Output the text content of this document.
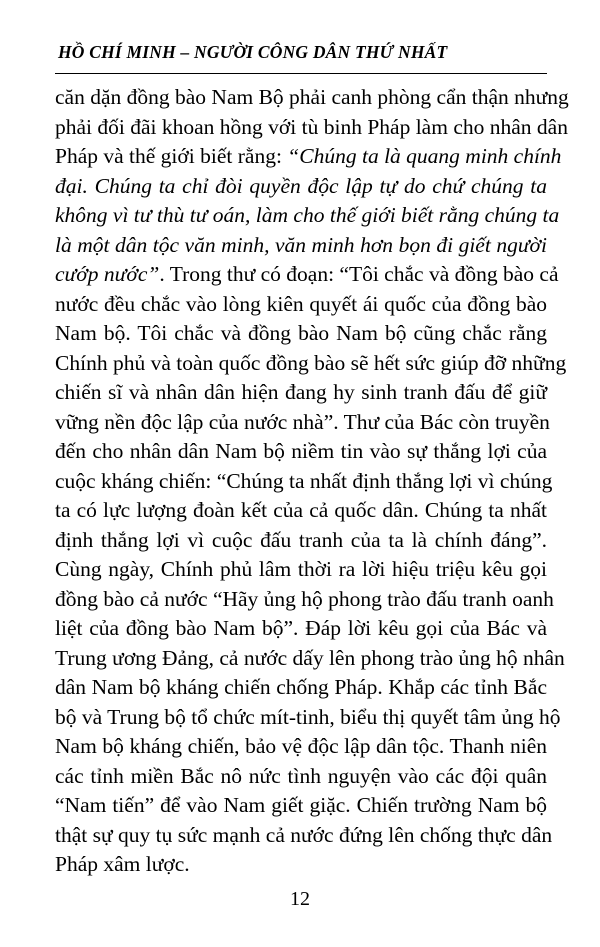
HỒ CHÍ MINH – NGƯỜI CÔNG DÂN THỨ NHẤT
căn dặn đồng bào Nam Bộ phải canh phòng cẩn thận nhưng
phải đối đãi khoan hồng với tù binh Pháp làm cho nhân dân
Pháp và thế giới biết rằng: “Chúng ta là quang minh chính
đại. Chúng ta chỉ đòi quyền độc lập tự do chứ chúng ta
không vì tư thù tư oán, làm cho thế giới biết rằng chúng ta
là một dân tộc văn minh, văn minh hơn bọn đi giết người
cướp nước”. Trong thư có đoạn: “Tôi chắc và đồng bào cả
nước đều chắc vào lòng kiên quyết ái quốc của đồng bào
Nam bộ. Tôi chắc và đồng bào Nam bộ cũng chắc rằng
Chính phủ và toàn quốc đồng bào sẽ hết sức giúp đỡ những
chiến sĩ và nhân dân hiện đang hy sinh tranh đấu để giữ
vững nền độc lập của nước nhà”. Thư của Bác còn truyền
đến cho nhân dân Nam bộ niềm tin vào sự thắng lợi của
cuộc kháng chiến: “Chúng ta nhất định thắng lợi vì chúng
ta có lực lượng đoàn kết của cả quốc dân. Chúng ta nhất
định thắng lợi vì cuộc đấu tranh của ta là chính đáng”.
Cùng ngày, Chính phủ lâm thời ra lời hiệu triệu kêu gọi
đồng bào cả nước “Hãy ủng hộ phong trào đấu tranh oanh
liệt của đồng bào Nam bộ”. Đáp lời kêu gọi của Bác và
Trung ương Đảng, cả nước dấy lên phong trào ủng hộ nhân
dân Nam bộ kháng chiến chống Pháp. Khắp các tỉnh Bắc
bộ và Trung bộ tổ chức mít-tinh, biểu thị quyết tâm ủng hộ
Nam bộ kháng chiến, bảo vệ độc lập dân tộc. Thanh niên
các tỉnh miền Bắc nô nức tình nguyện vào các đội quân
“Nam tiến” để vào Nam giết giặc. Chiến trường Nam bộ
thật sự quy tụ sức mạnh cả nước đứng lên chống thực dân
Pháp xâm lược.
12
